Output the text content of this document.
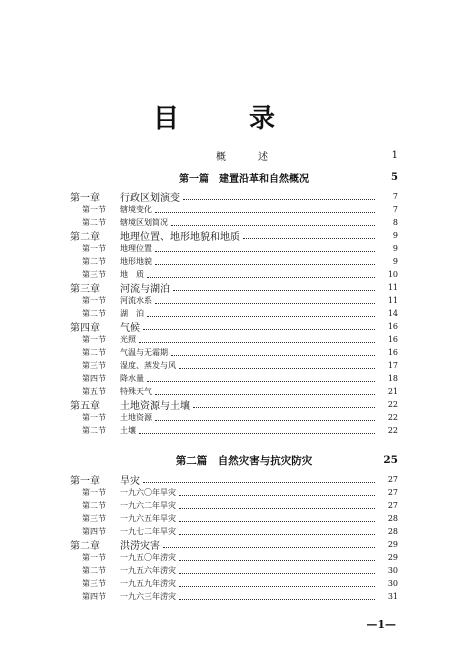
目　录
概　　述	1
第一篇　建置沿革和自然概况	5
第一章	行政区划演变	7
第一节	辖境变化	7
第二节	辖境区划简况	8
第二章	地理位置、地形地貌和地质	9
第一节	地理位置	9
第二节	地形地貌	9
第三节	地　质	10
第三章	河流与湖泊	11
第一节	河流水系	11
第二节	湖　泊	14
第四章	气候	16
第一节	光照	16
第二节	气温与无霜期	16
第三节	湿度、蒸发与风	17
第四节	降水量	18
第五节	特殊天气	21
第五章	土地资源与土壤	22
第一节	土地资源	22
第二节	土壤	22
第二篇　自然灾害与抗灾防灾	25
第一章	旱灾	27
第一节	一九六〇年旱灾	27
第二节	一九六二年旱灾	27
第三节	一九六五年旱灾	28
第四节	一九七二年旱灾	28
第二章	洪涝灾害	29
第一节	一九五〇年涝灾	29
第二节	一九五六年涝灾	30
第三节	一九五九年涝灾	30
第四节	一九六三年涝灾	31
—1—
